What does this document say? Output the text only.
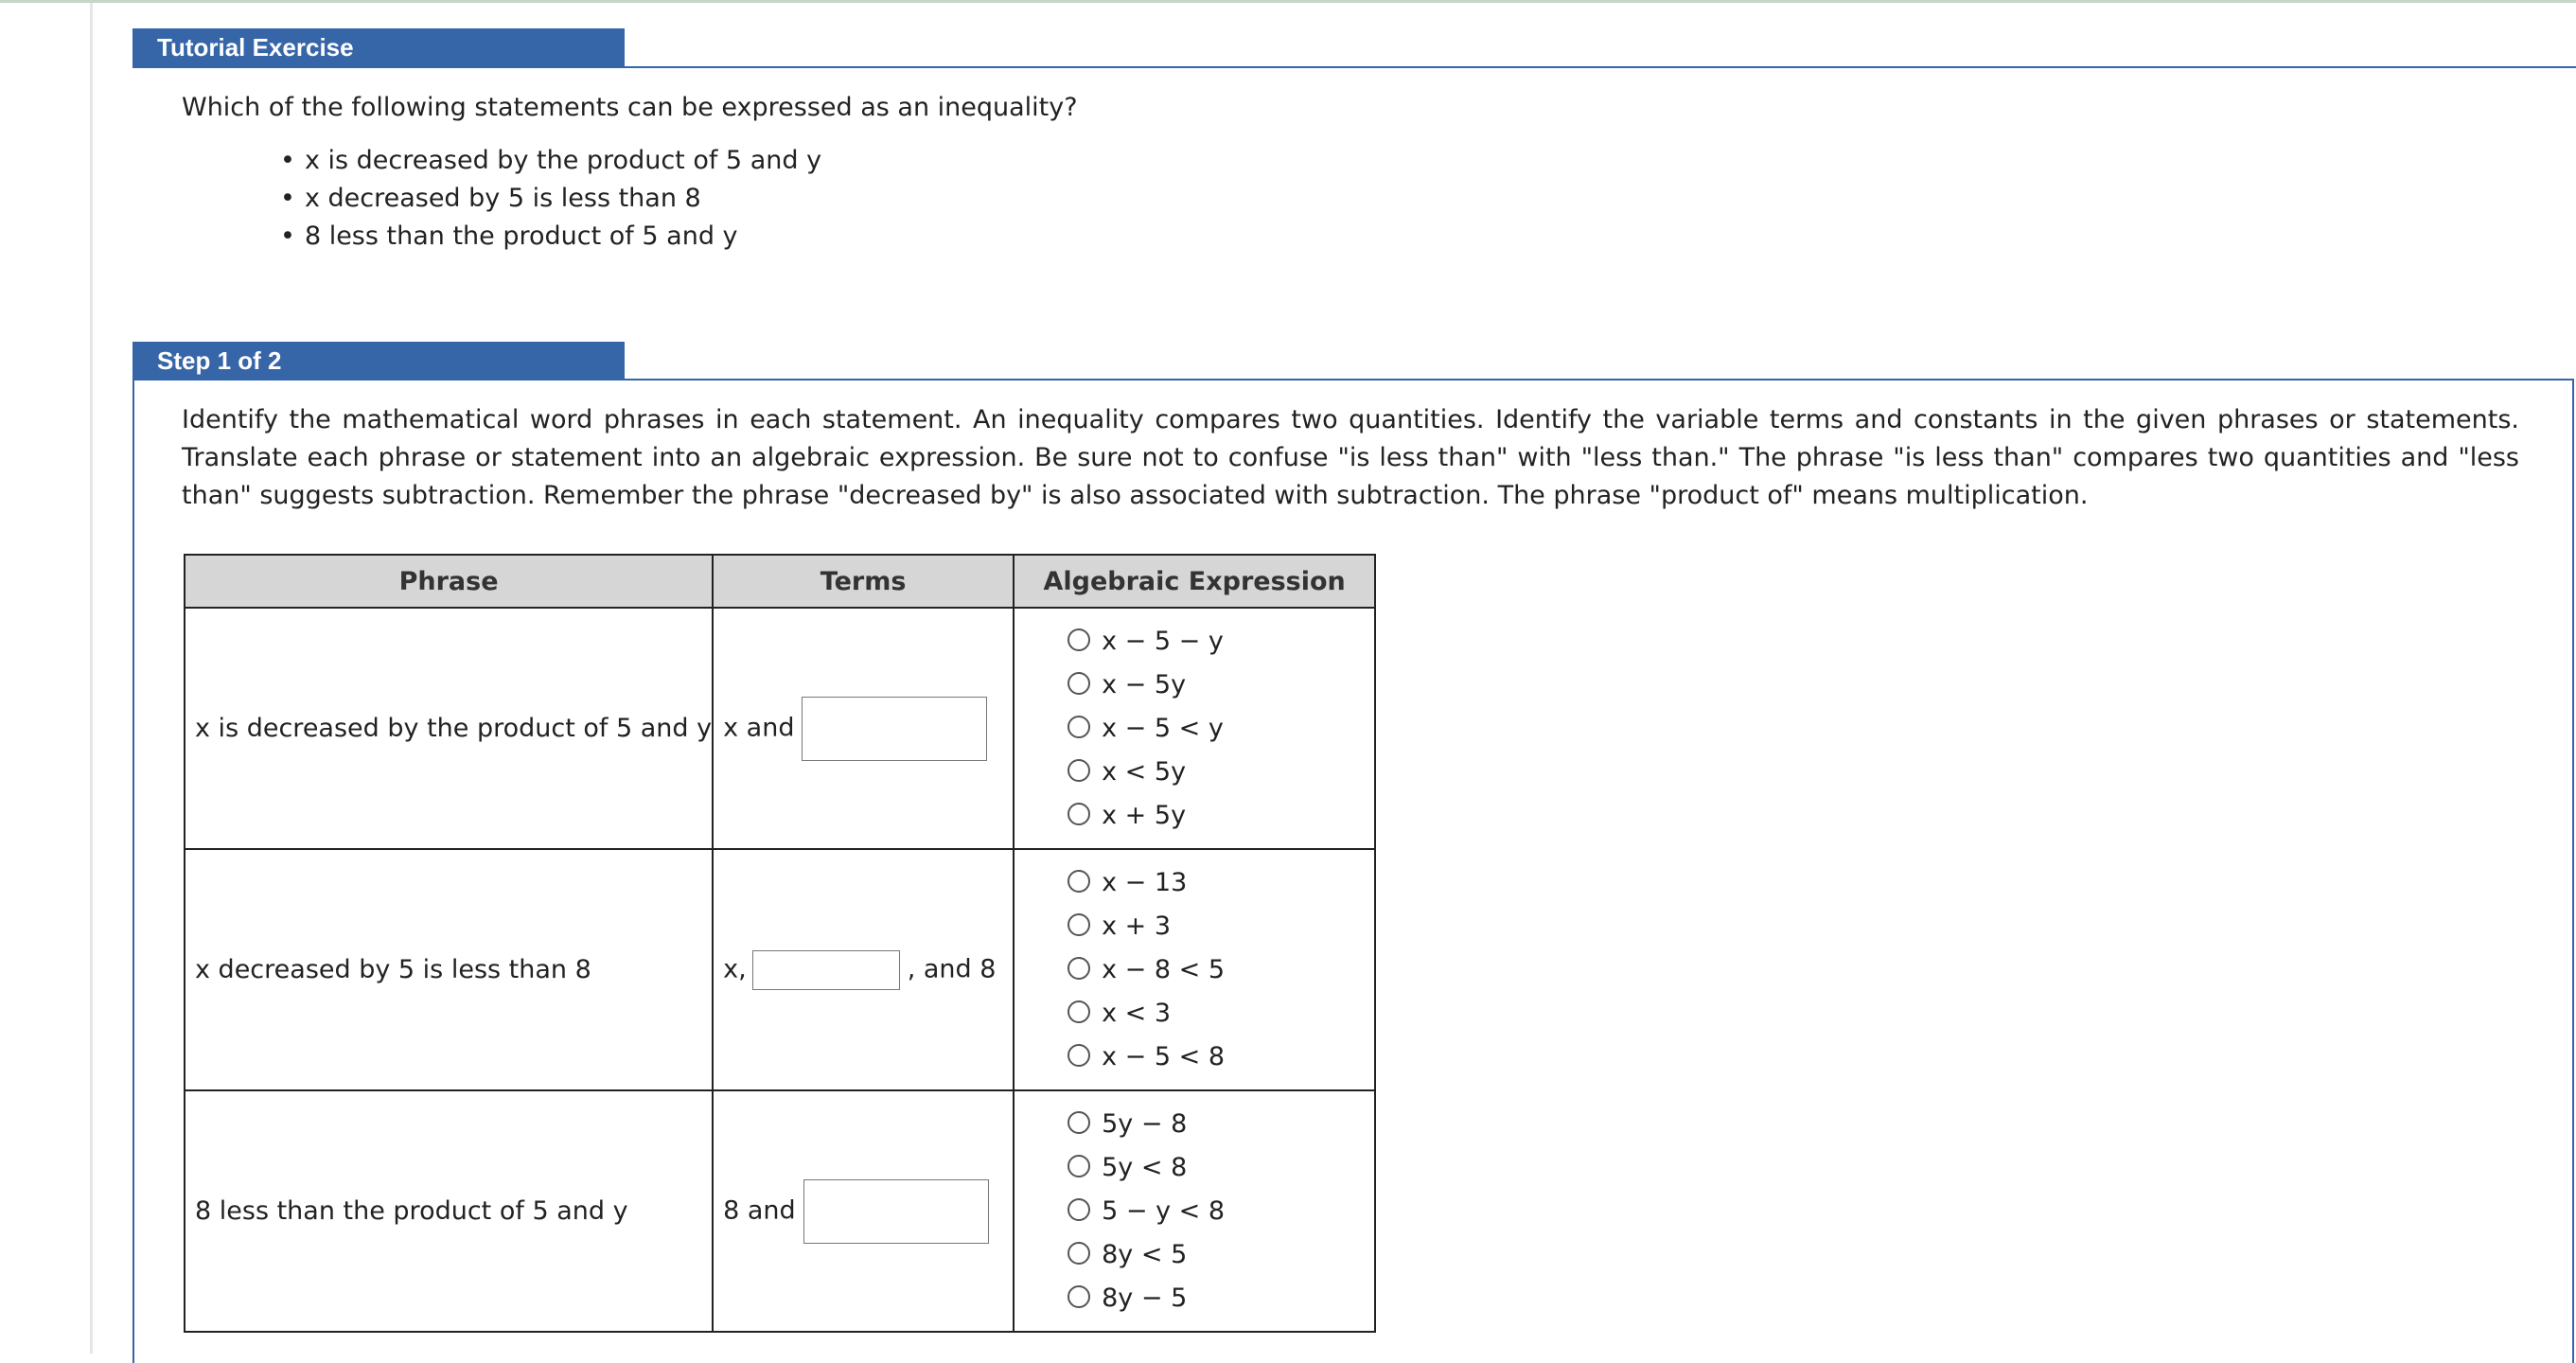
Tutorial Exercise
Which of the following statements can be expressed as an inequality?
• x is decreased by the product of 5 and y
• x decreased by 5 is less than 8
• 8 less than the product of 5 and y
Step 1 of 2
Identify the mathematical word phrases in each statement. An inequality compares two quantities. Identify the variable terms and constants in the given phrases or statements. Translate each phrase or statement into an algebraic expression. Be sure not to confuse "is less than" with "less than." The phrase "is less than" compares two quantities and "less than" suggests subtraction. Remember the phrase "decreased by" is also associated with subtraction. The phrase "product of" means multiplication.
Phrase	Terms	Algebraic Expression
x is decreased by the product of 5 and y	x and	x − 5 − y
x − 5y
x − 5 < y
x < 5y
x + 5y

x decreased by 5 is less than 8	x, , and 8	x − 13
x + 3
x − 8 < 5
x < 3
x − 5 < 8

8 less than the product of 5 and y	8 and	5y − 8
5y < 8
5 − y < 8
8y < 5
8y − 5
